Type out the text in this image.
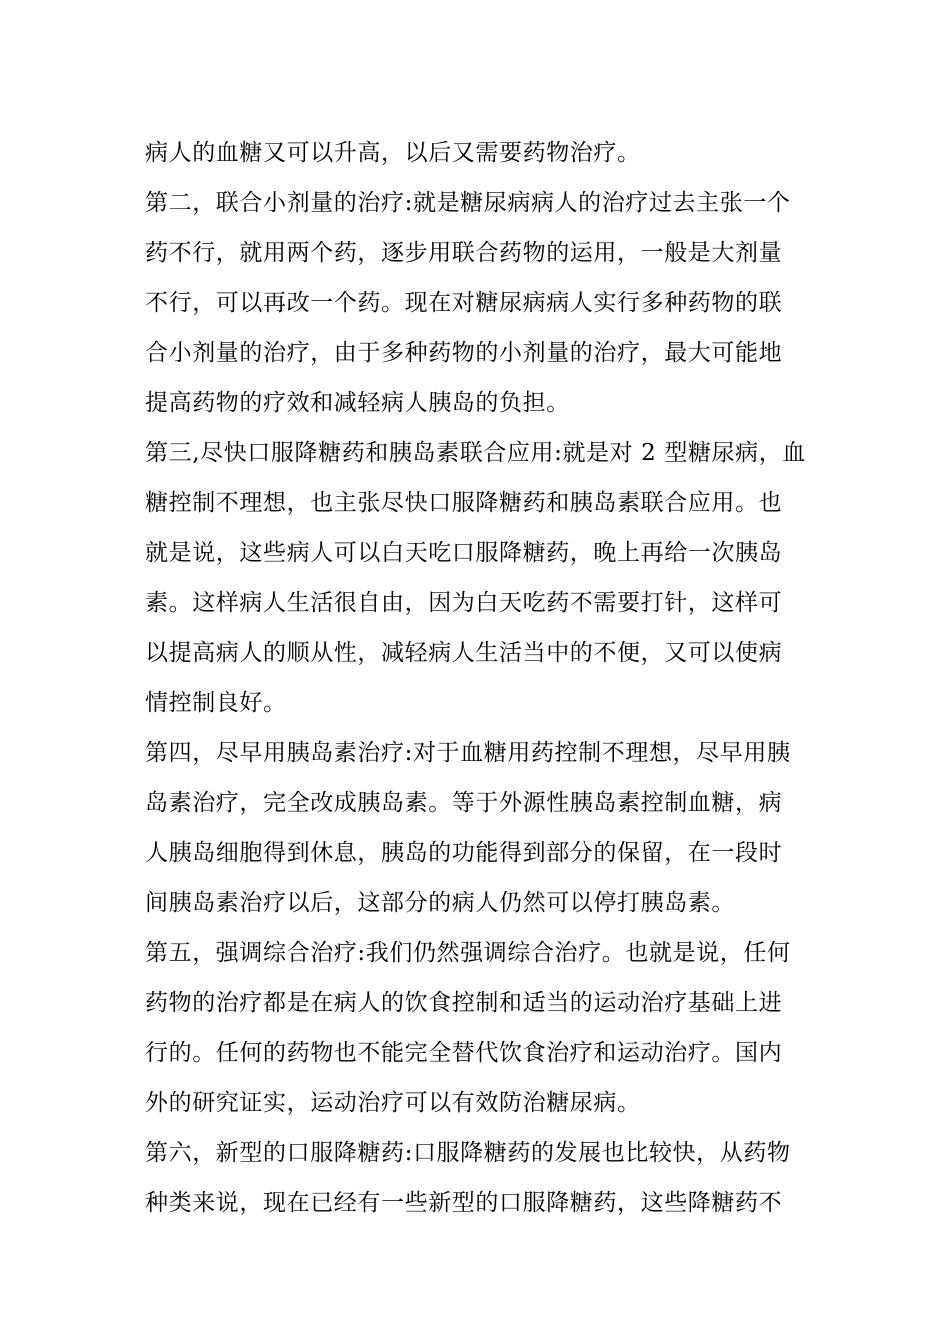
病人的血糖又可以升高，以后又需要药物治疗。
第二，联合小剂量的治疗:就是糖尿病病人的治疗过去主张一个
药不行，就用两个药，逐步用联合药物的运用，一般是大剂量
不行，可以再改一个药。现在对糖尿病病人实行多种药物的联
合小剂量的治疗，由于多种药物的小剂量的治疗，最大可能地
提高药物的疗效和减轻病人胰岛的负担。
第三,尽快口服降糖药和胰岛素联合应用:就是对 2 型糖尿病，血
糖控制不理想，也主张尽快口服降糖药和胰岛素联合应用。也
就是说，这些病人可以白天吃口服降糖药，晚上再给一次胰岛
素。这样病人生活很自由，因为白天吃药不需要打针，这样可
以提高病人的顺从性，减轻病人生活当中的不便，又可以使病
情控制良好。
第四，尽早用胰岛素治疗:对于血糖用药控制不理想，尽早用胰
岛素治疗，完全改成胰岛素。等于外源性胰岛素控制血糖，病
人胰岛细胞得到休息，胰岛的功能得到部分的保留，在一段时
间胰岛素治疗以后，这部分的病人仍然可以停打胰岛素。
第五，强调综合治疗:我们仍然强调综合治疗。也就是说，任何
药物的治疗都是在病人的饮食控制和适当的运动治疗基础上进
行的。任何的药物也不能完全替代饮食治疗和运动治疗。国内
外的研究证实，运动治疗可以有效防治糖尿病。
第六，新型的口服降糖药:口服降糖药的发展也比较快，从药物
种类来说，现在已经有一些新型的口服降糖药，这些降糖药不
